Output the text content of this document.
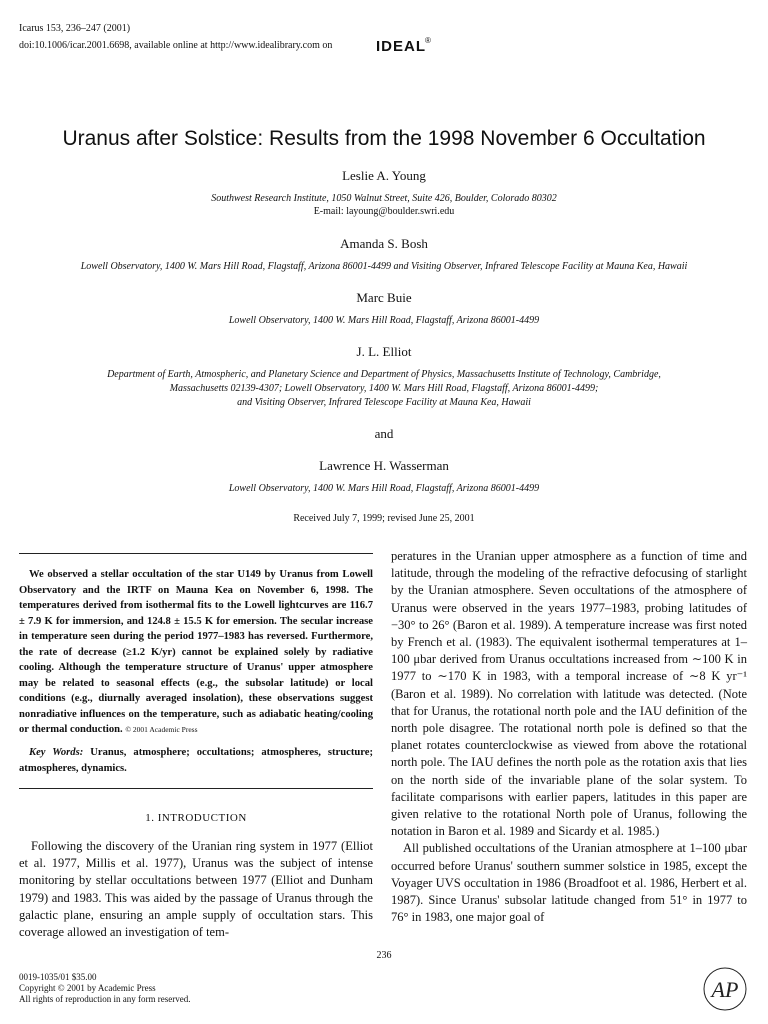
Icarus 153, 236–247 (2001)
doi:10.1006/icar.2001.6698, available online at http://www.idealibrary.com on	IDEAL ®
Uranus after Solstice: Results from the 1998 November 6 Occultation
Leslie A. Young
Southwest Research Institute, 1050 Walnut Street, Suite 426, Boulder, Colorado 80302
E-mail: layoung@boulder.swri.edu
Amanda S. Bosh
Lowell Observatory, 1400 W. Mars Hill Road, Flagstaff, Arizona 86001-4499 and Visiting Observer, Infrared Telescope Facility at Mauna Kea, Hawaii
Marc Buie
Lowell Observatory, 1400 W. Mars Hill Road, Flagstaff, Arizona 86001-4499
J. L. Elliot
Department of Earth, Atmospheric, and Planetary Science and Department of Physics, Massachusetts Institute of Technology, Cambridge,
Massachusetts 02139-4307; Lowell Observatory, 1400 W. Mars Hill Road, Flagstaff, Arizona 86001-4499;
and Visiting Observer, Infrared Telescope Facility at Mauna Kea, Hawaii
and
Lawrence H. Wasserman
Lowell Observatory, 1400 W. Mars Hill Road, Flagstaff, Arizona 86001-4499
Received July 7, 1999; revised June 25, 2001

We observed a stellar occultation of the star U149 by Uranus from Lowell Observatory and the IRTF on Mauna Kea on November 6, 1998. The temperatures derived from isothermal fits to the Lowell lightcurves are 116.7 ± 7.9 K for immersion, and 124.8 ± 15.5 K for emersion. The secular increase in temperature seen during the period 1977–1983 has reversed. Furthermore, the rate of decrease (≥1.2 K/yr) cannot be explained solely by radiative cooling. Although the temperature structure of Uranus' upper atmosphere may be related to seasonal effects (e.g., the subsolar latitude) or local conditions (e.g., diurnally averaged insolation), these observations suggest nonradiative influences on the temperature, such as adiabatic heating/cooling or thermal conduction. © 2001 Academic Press

Key Words: Uranus, atmosphere; occultations; atmospheres, structure; atmospheres, dynamics.

1. INTRODUCTION

Following the discovery of the Uranian ring system in 1977 (Elliot et al. 1977, Millis et al. 1977), Uranus was the subject of intense monitoring by stellar occultations between 1977 (Elliot and Dunham 1979) and 1983. This was aided by the passage of Uranus through the galactic plane, ensuring an ample supply of occultation stars. This coverage allowed an investigation of tem-

peratures in the Uranian upper atmosphere as a function of time and latitude, through the modeling of the refractive defocusing of starlight by the Uranian atmosphere. Seven occultations of the atmosphere of Uranus were observed in the years 1977–1983, probing latitudes of −30° to 26° (Baron et al. 1989). A temperature increase was first noted by French et al. (1983). The equivalent isothermal temperatures at 1–100 μbar derived from Uranus occultations increased from ∼100 K in 1977 to ∼170 K in 1983, with a temporal increase of ∼8 K yr⁻¹ (Baron et al. 1989). No correlation with latitude was detected. (Note that for Uranus, the rotational north pole and the IAU definition of the north pole disagree. The rotational north pole is defined so that the planet rotates counterclockwise as viewed from above the rotational north pole. The IAU defines the north pole as the rotation axis that lies on the north side of the invariable plane of the solar system. To facilitate comparisons with earlier papers, latitudes in this paper are given relative to the rotational North pole of Uranus, following the notation in Baron et al. 1989 and Sicardy et al. 1985.)

All published occultations of the Uranian atmosphere at 1–100 μbar occurred before Uranus' southern summer solstice in 1985, except the Voyager UVS occultation in 1986 (Broadfoot et al. 1986, Herbert et al. 1987). Since Uranus' subsolar latitude changed from 51° in 1977 to 76° in 1983, one major goal of

236
0019-1035/01 $35.00
Copyright © 2001 by Academic Press
All rights of reproduction in any form reserved.	AP
